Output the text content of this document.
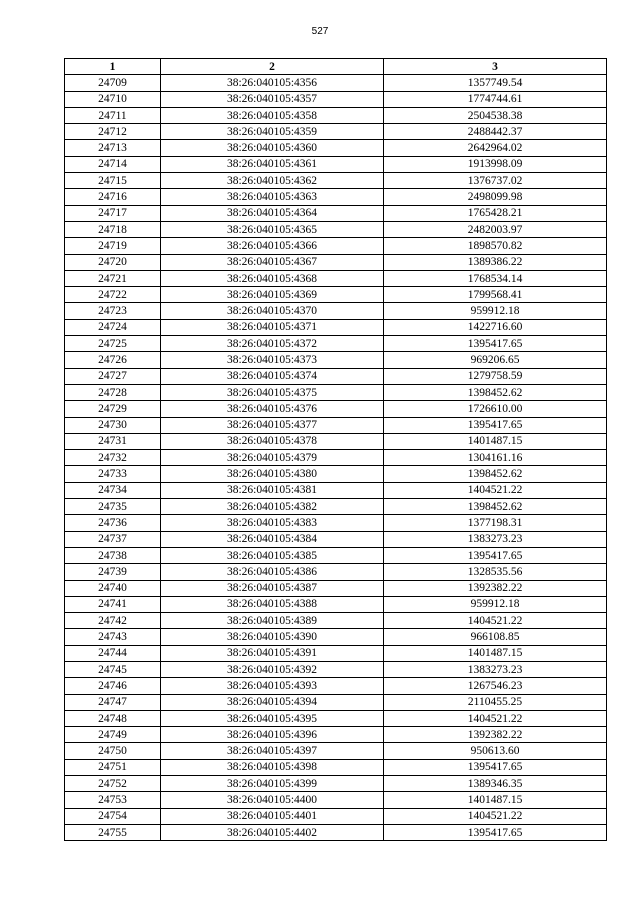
527
1	2	3
24709	38:26:040105:4356	1357749.54
24710	38:26:040105:4357	1774744.61
24711	38:26:040105:4358	2504538.38
24712	38:26:040105:4359	2488442.37
24713	38:26:040105:4360	2642964.02
24714	38:26:040105:4361	1913998.09
24715	38:26:040105:4362	1376737.02
24716	38:26:040105:4363	2498099.98
24717	38:26:040105:4364	1765428.21
24718	38:26:040105:4365	2482003.97
24719	38:26:040105:4366	1898570.82
24720	38:26:040105:4367	1389386.22
24721	38:26:040105:4368	1768534.14
24722	38:26:040105:4369	1799568.41
24723	38:26:040105:4370	959912.18
24724	38:26:040105:4371	1422716.60
24725	38:26:040105:4372	1395417.65
24726	38:26:040105:4373	969206.65
24727	38:26:040105:4374	1279758.59
24728	38:26:040105:4375	1398452.62
24729	38:26:040105:4376	1726610.00
24730	38:26:040105:4377	1395417.65
24731	38:26:040105:4378	1401487.15
24732	38:26:040105:4379	1304161.16
24733	38:26:040105:4380	1398452.62
24734	38:26:040105:4381	1404521.22
24735	38:26:040105:4382	1398452.62
24736	38:26:040105:4383	1377198.31
24737	38:26:040105:4384	1383273.23
24738	38:26:040105:4385	1395417.65
24739	38:26:040105:4386	1328535.56
24740	38:26:040105:4387	1392382.22
24741	38:26:040105:4388	959912.18
24742	38:26:040105:4389	1404521.22
24743	38:26:040105:4390	966108.85
24744	38:26:040105:4391	1401487.15
24745	38:26:040105:4392	1383273.23
24746	38:26:040105:4393	1267546.23
24747	38:26:040105:4394	2110455.25
24748	38:26:040105:4395	1404521.22
24749	38:26:040105:4396	1392382.22
24750	38:26:040105:4397	950613.60
24751	38:26:040105:4398	1395417.65
24752	38:26:040105:4399	1389346.35
24753	38:26:040105:4400	1401487.15
24754	38:26:040105:4401	1404521.22
24755	38:26:040105:4402	1395417.65
